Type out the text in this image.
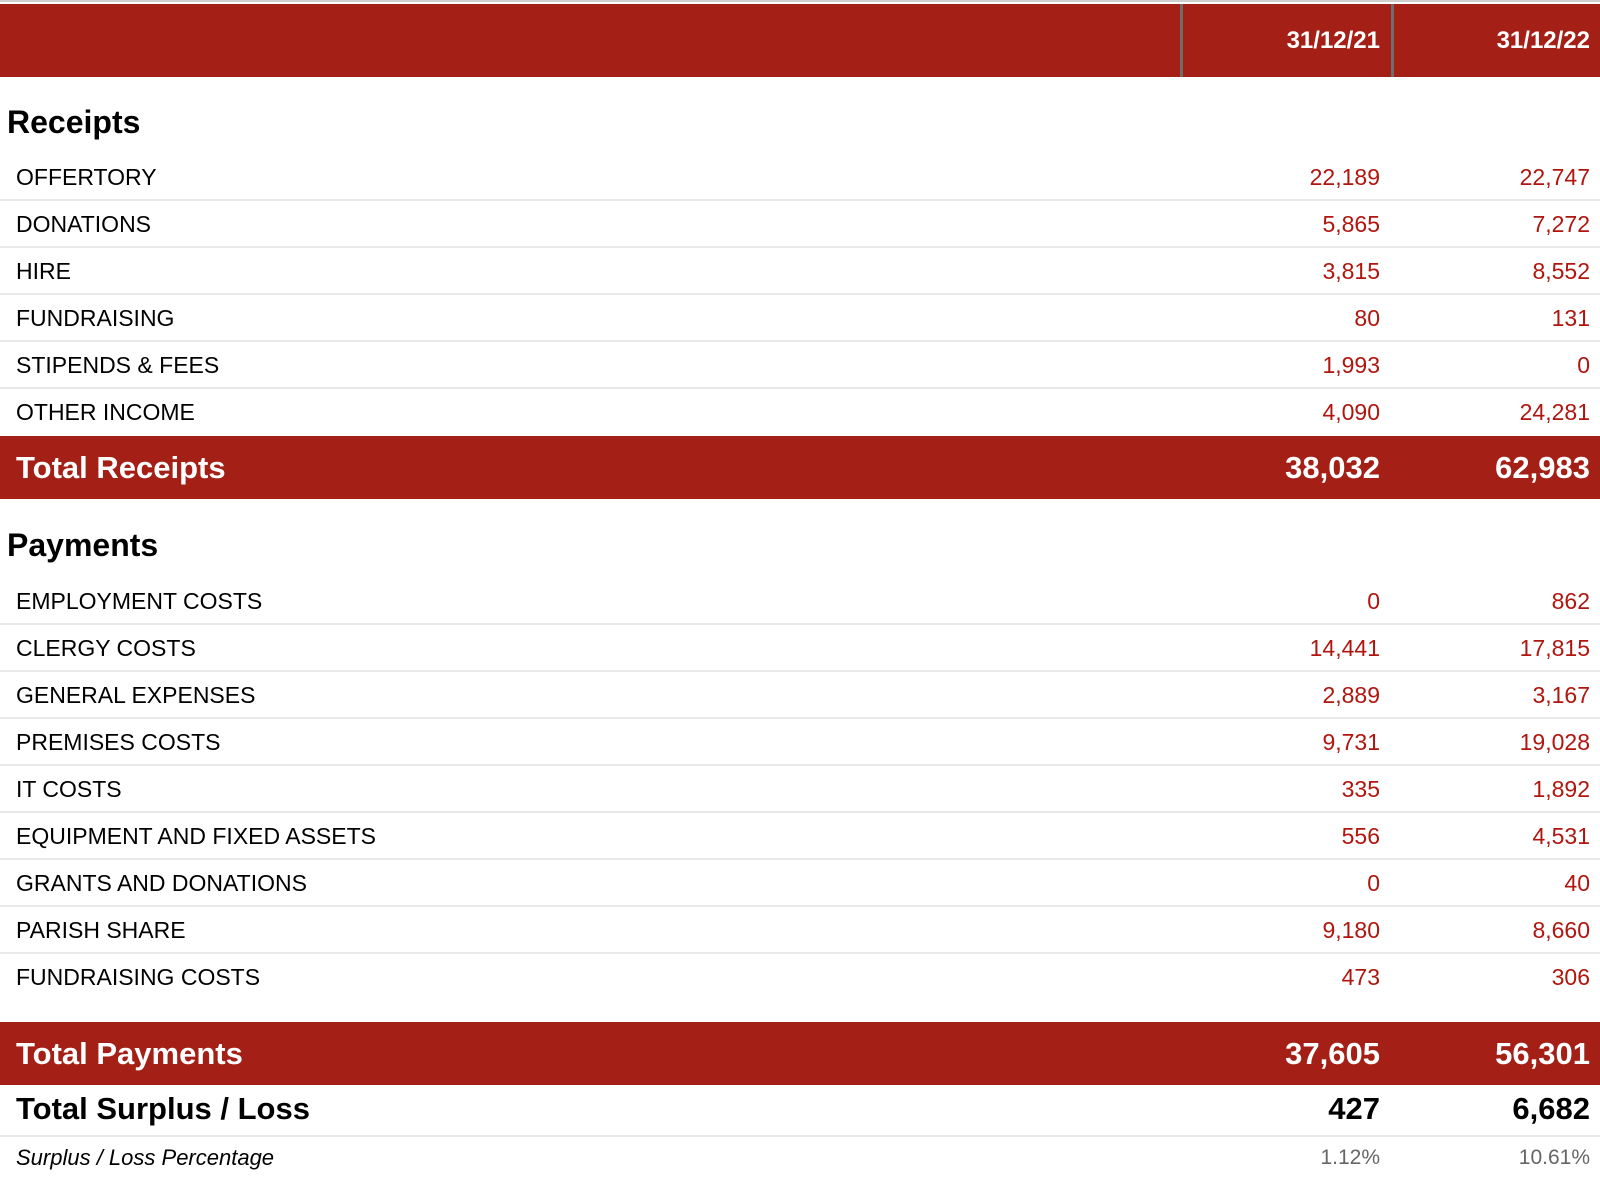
31/12/21	31/12/22
Receipts
OFFERTORY	22,189	22,747
DONATIONS	5,865	7,272
HIRE	3,815	8,552
FUNDRAISING	80	131
STIPENDS & FEES	1,993	0
OTHER INCOME	4,090	24,281
Total Receipts	38,032	62,983
Payments
EMPLOYMENT COSTS	0	862
CLERGY COSTS	14,441	17,815
GENERAL EXPENSES	2,889	3,167
PREMISES COSTS	9,731	19,028
IT COSTS	335	1,892
EQUIPMENT AND FIXED ASSETS	556	4,531
GRANTS AND DONATIONS	0	40
PARISH SHARE	9,180	8,660
FUNDRAISING COSTS	473	306
Total Payments	37,605	56,301
Total Surplus / Loss	427	6,682
Surplus / Loss Percentage	1.12%	10.61%
